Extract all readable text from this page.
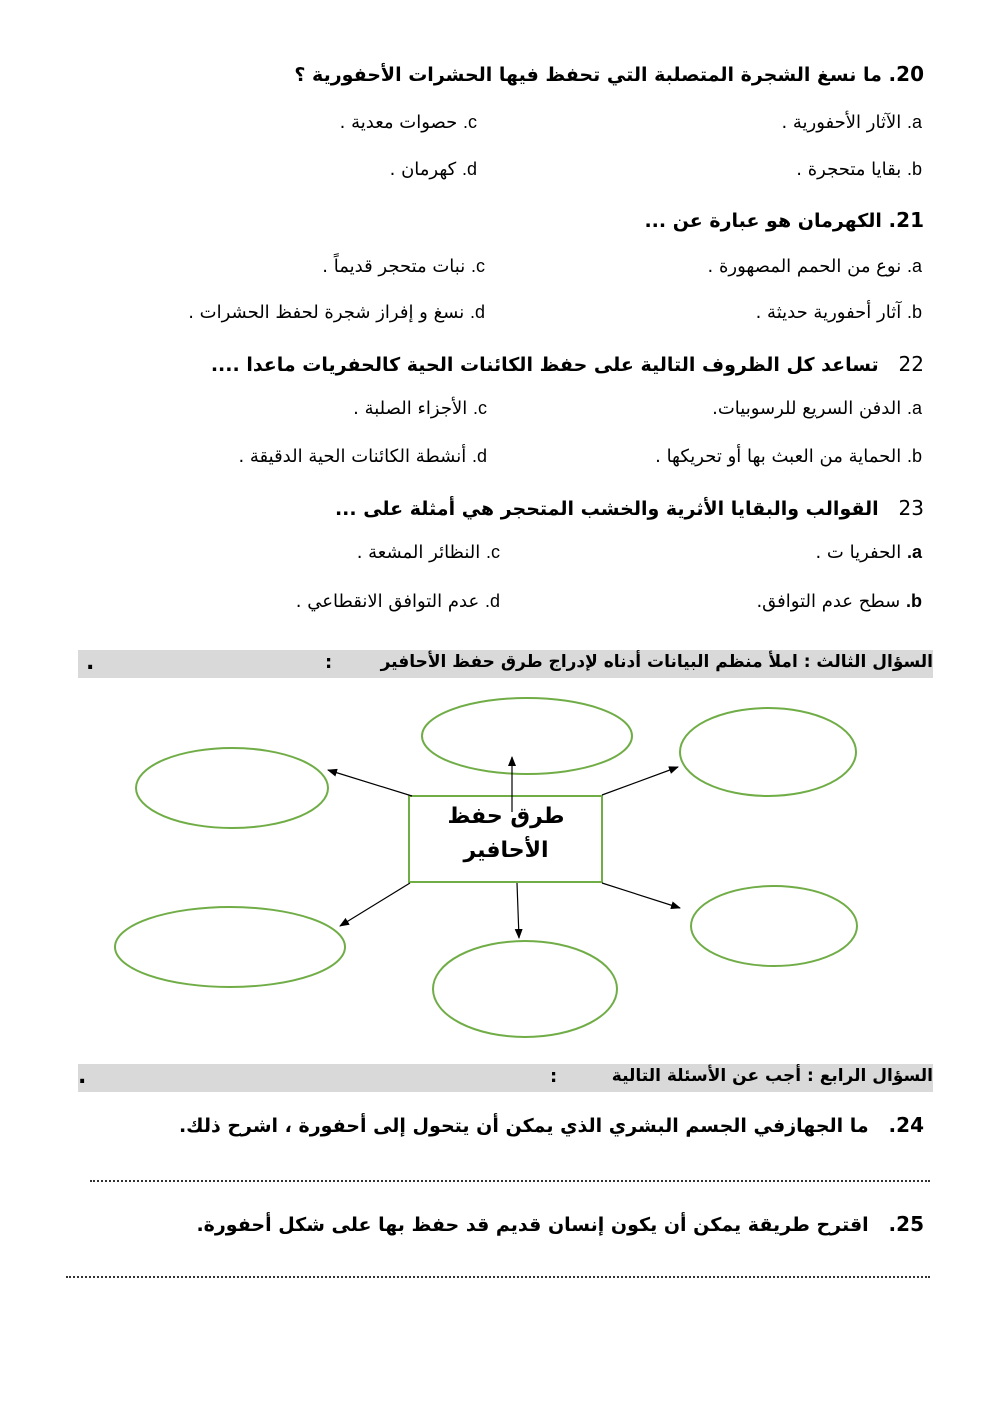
20. ما نسغ الشجرة المتصلبة التي تحفظ فيها الحشرات الأحفورية ؟
a. الآثار الأحفورية .
c. حصوات معدية .
b. بقايا متحجرة .
d. كهرمان .
21. الكهرمان هو عبارة عن ...
a. نوع من الحمم المصهورة .
c. نبات متحجر قديماً .
b. آثار أحفورية حديثة .
d. نسغ و إفراز شجرة لحفظ الحشرات .
22   تساعد كل الظروف التالية على حفظ الكائنات الحية كالحفريات ماعدا ....
a. الدفن السريع للرسوبيات.
c. الأجزاء الصلبة .
b. الحماية من العبث بها أو تحريكها .
d. أنشطة الكائنات الحية الدقيقة .
23   القوالب والبقايا الأثرية والخشب المتحجر هي أمثلة على ...
a. الحفريا ت .
c. النظائر المشعة .
b. سطح عدم التوافق.
d. عدم التوافق الانقطاعي .
السؤال الثالث : املأ منظم البيانات أدناه لإدراج طرق حفظ الأحافير
:
.
طرق حفظ
الأحافير
السؤال الرابع : أجب عن الأسئلة التالية
:
.
24.   ما الجهازفي الجسم البشري الذي يمكن أن يتحول إلى أحفورة ، اشرح ذلك.
25.   اقترح طريقة يمكن أن يكون إنسان قديم قد حفظ بها على شكل أحفورة.
